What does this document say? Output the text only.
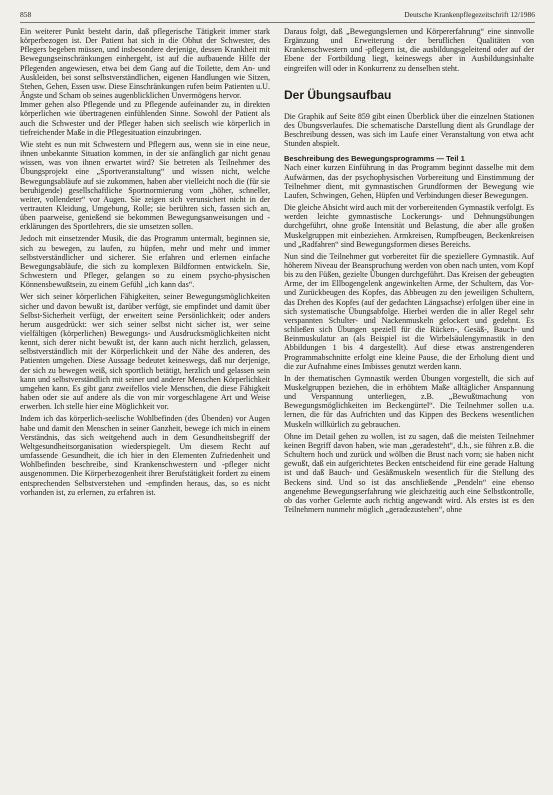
858	Deutsche Krankenpflegezeitschrift 12/1986

Ein weiterer Punkt besteht darin, daß pflegerische Tätigkeit immer stark körperbezogen ist. Der Patient hat sich in die Obhut der Schwester, des Pflegers begeben müssen, und insbesondere derjenige, dessen Krankheit mit Bewegungseinschränkungen einhergeht, ist auf die aufbauende Hilfe der Pflegenden angewiesen, etwa bei dem Gang auf die Toilette, dem An- und Auskleiden, bei sonst selbstverständlichen, eigenen Handlungen wie Sitzen, Stehen, Gehen, Essen usw. Diese Einschränkungen rufen beim Patienten u.U. Ängste und Scham ob seines augenblicklichen Unvermögens hervor.

Immer gehen also Pflegende und zu Pflegende aufeinander zu, in direkten körperlichen wie übertragenen einfühlenden Sinne. Sowohl der Patient als auch die Schwester und der Pfleger haben sich seelisch wie körperlich in tiefreichender Maße in die Pflegesituation einzubringen.

Wie steht es nun mit Schwestern und Pflegern aus, wenn sie in eine neue, ihnen unbekannte Situation kommen, in der sie anfänglich gar nicht genau wissen, was von ihnen erwartet wird? Sie betreten als Teilnehmer des Übungsprojekt eine „Sportveranstaltung“ und wissen nicht, welche Bewegungsabläufe auf sie zukommen, haben aber vielleicht noch die (für sie beruhigende) gesellschaftliche Sportnormierung vom „höher, schneller, weiter, vollendeter“ vor Augen. Sie zeigen sich verunsichert nicht in der vertrauten Kleidung, Umgebung, Rolle; sie berühren sich, fassen sich an, üben paarweise, genießend sie bekommen Bewegungsanweisungen und -erklärungen des Sportlehrers, die sie umsetzen sollen.

Jedoch mit einsetzender Musik, die das Programm untermalt, beginnen sie, sich zu bewegen, zu laufen, zu hüpfen, mehr und mehr und immer selbstverständlicher und sicherer. Sie erfahren und erlernen einfache Bewegungsabläufe, die sich zu komplexen Bildformen entwickeln. Sie, Schwestern und Pfleger, gelangen so zu einem psycho-physischen Könnensbewußtsein, zu einem Gefühl „ich kann das“.

Wer sich seiner körperlichen Fähigkeiten, seiner Bewegungsmöglichkeiten sicher und davon bewußt ist, darüber verfügt, sie empfindet und damit über Selbst-Sicherheit verfügt, der erweitert seine Persönlichkeit; oder anders herum ausgedrückt: wer sich seiner selbst nicht sicher ist, wer seine vielfältigen (körperlichen) Bewegungs- und Ausdrucksmöglichkeiten nicht kennt, sich derer nicht bewußt ist, der kann auch nicht herzlich, gelassen, selbstverständlich mit der Körperlichkeit und der Nähe des anderen, des Patienten umgehen. Diese Aussage bedeutet keineswegs, daß nur derjenige, der sich zu bewegen weiß, sich sportlich betätigt, herzlich und gelassen sein kann und selbstverständlich mit seiner und anderer Menschen Körperlichkeit umgehen kann. Es gibt ganz zweifellos viele Menschen, die diese Fähigkeit haben oder sie auf andere als die von mir vorgeschlagene Art und Weise erwerben. Ich stelle hier eine Möglichkeit vor.

Indem ich das körperlich-seelische Wohlbefinden (des Übenden) vor Augen habe und damit den Menschen in seiner Ganzheit, bewege ich mich in einem Verständnis, das sich weitgehend auch in dem Gesundheitsbegriff der Weltgesundheitsorganisation wiederspiegelt. Um diesem Recht auf umfassende Gesundheit, die ich hier in den Elementen Zufriedenheit und Wohlbefinden beschreibe, sind Krankenschwestern und -pfleger nicht ausgenommen. Die Körperbezogenheit ihrer Berufstätigkeit fordert zu einem entsprechenden Selbstverstehen und -empfinden heraus, das, so es nicht vorhanden ist, zu erlernen, zu erfahren ist.

Daraus folgt, daß „Bewegungslernen und Körpererfahrung“ eine sinnvolle Ergänzung und Erweiterung der beruflichen Qualitäten von Krankenschwestern und -pflegern ist, die ausbildungsgeleitend oder auf der Ebene der Fortbildung liegt, keineswegs aber in Ausbildungsinhalte eingreifen will oder in Konkurrenz zu denselben steht.

Der Übungsaufbau

Die Graphik auf Seite 859 gibt einen Überblick über die einzelnen Stationen des Übungsverlaufes. Die schematische Darstellung dient als Grundlage der Beschreibung dessen, was sich im Laufe einer Veranstaltung von etwa acht Stunden abspielt.

Beschreibung des Bewegungsprogramms — Teil 1

Nach einer kurzen Einführung in das Programm beginnt dasselbe mit dem Aufwärmen, das der psychophysischen Vorbereitung und Einstimmung der Teilnehmer dient, mit gymnastischen Grundformen der Bewegung wie Laufen, Schwingen, Gehen, Hüpfen und Verbindungen dieser Bewegungen.

Die gleiche Absicht wird auch mit der vorbereitenden Gymnastik verfolgt. Es werden leichte gymnastische Lockerungs- und Dehnungsübungen durchgeführt, ohne große Intensität und Belastung, die aber alle großen Muskelgruppen mit einbeziehen. Armkreisen, Rumpfbeugen, Beckenkreisen und „Radfahren“ sind Bewegungsformen dieses Bereichs.

Nun sind die Teilnehmer gut vorbereitet für die speziellere Gymnastik. Auf höherem Niveau der Beanspruchung werden von oben nach unten, vom Kopf bis zu den Füßen, gezielte Übungen durchgeführt. Das Kreisen der gebeugten Arme, der im Ellbogengelenk angewinkelten Arme, der Schultern, das Vor- und Zurückbeugen des Kopfes, das Abbeugen zu den jeweiligen Schultern, das Drehen des Kopfes (auf der gedachten Längsachse) erfolgen über eine in sich systematische Übungsabfolge. Hierbei werden die in aller Regel sehr verspannten Schulter- und Nackenmuskeln gelockert und gedehnt. Es schließen sich Übungen speziell für die Rücken-, Gesäß-, Bauch- und Beinmuskulatur an (als Beispiel ist die Wirbelsäulengymnastik in den Abbildungen 1 bis 4 dargestellt). Auf diese etwas anstrengenderen Programmabschnitte erfolgt eine kleine Pause, die der Erholung dient und die zur Aufnahme eines Imbisses genutzt werden kann.

In der thematischen Gymnastik werden Übungen vorgestellt, die sich auf Muskelgruppen beziehen, die in erhöhtem Maße alltäglicher Anspannung und Verspannung unterliegen, z.B. „Bewußtmachung von Bewegungsmöglichkeiten im Beckengürtel“. Die Teilnehmer sollen u.a. lernen, die für das Aufrichten und das Kippen des Beckens wesentlichen Muskeln willkürlich zu gebrauchen.

Ohne im Detail gehen zu wollen, ist zu sagen, daß die meisten Teilnehmer keinen Begriff davon haben, wie man „geradesteht“, d.h., sie führen z.B. die Schultern hoch und zurück und wölben die Brust nach vorn; sie haben nicht gewußt, daß ein aufgerichtetes Becken entscheidend für eine gerade Haltung ist und daß Bauch- und Gesäßmuskeln wesentlich für die Stellung des Beckens sind. Und so ist das anschließende „Pendeln“ eine ebenso angenehme Bewegungserfahrung wie gleichzeitig auch eine Selbstkontrolle, ob das vorher Gelernte auch richtig angewandt wird. Als erstes ist es den Teilnehmern nunmehr möglich „geradezustehen“, ohne
